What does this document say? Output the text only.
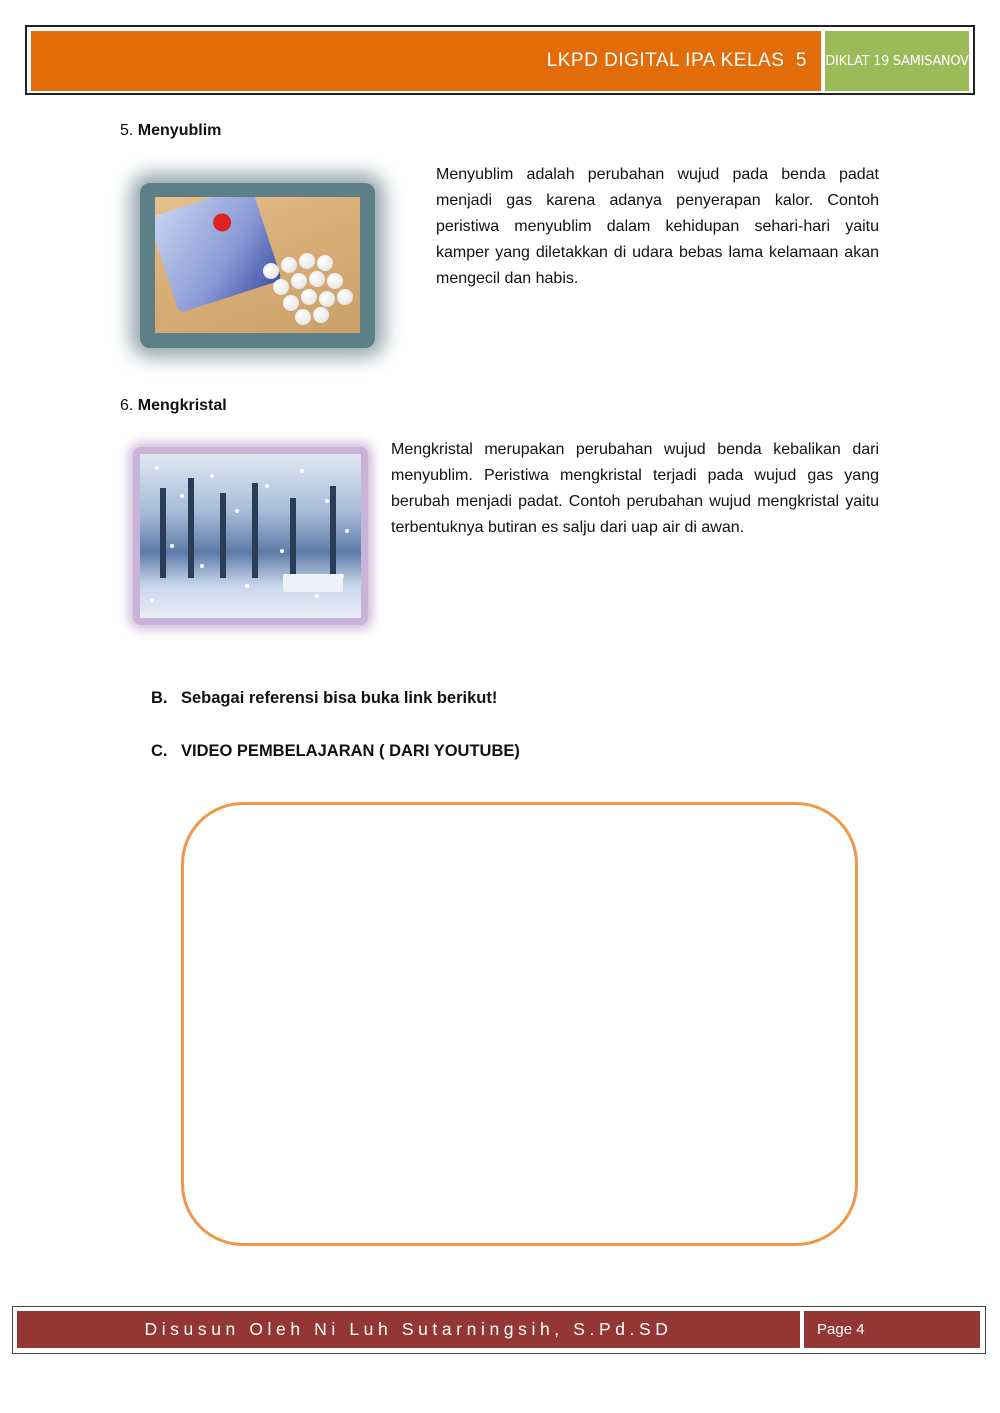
LKPD DIGITAL IPA KELAS  5 DIKLAT 19 SAMISANOV
5. Menyublim
Menyublim adalah perubahan wujud pada benda padat menjadi gas karena adanya penyerapan kalor. Contoh peristiwa menyublim dalam kehidupan sehari-hari yaitu kamper yang diletakkan di udara bebas lama kelamaan akan mengecil dan habis.
6. Mengkristal
Mengkristal merupakan perubahan wujud benda kebalikan dari menyublim. Peristiwa mengkristal terjadi pada wujud gas yang berubah menjadi padat. Contoh perubahan wujud mengkristal yaitu terbentuknya butiran es salju dari uap air di awan.
B. Sebagai referensi bisa buka link berikut!
C. VIDEO PEMBELAJARAN ( DARI YOUTUBE)
Disusun Oleh Ni Luh Sutarningsih, S.Pd.SD	Page 4
